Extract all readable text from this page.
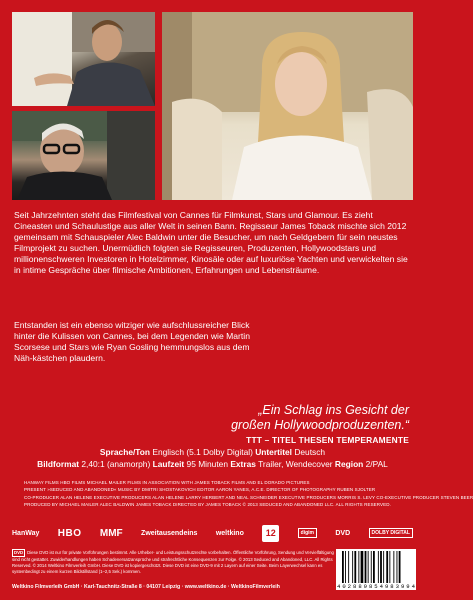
Seit Jahrzehnten steht das Filmfestival von Cannes für Filmkunst, Stars und Glamour. Es zieht Cineasten und Schaulustige aus aller Welt in seinen Bann. Regisseur James Toback mischte sich 2012 gemeinsam mit Schauspieler Alec Baldwin unter die Besucher, um nach Geldgebern für sein neustes Filmprojekt zu suchen. Unermüdlich folgten sie Regisseuren, Produzenten, Hollywoodstars und millionenschweren Investoren in Hotelzimmer, Kinosäle oder auf luxuriöse Yachten und verwickelten sie in intime Gespräche über filmische Ambitionen, Erfahrungen und Lebensträume.
Entstanden ist ein ebenso witziger wie aufschlussreicher Blick hinter die Kulissen von Cannes, bei dem Legenden wie Martin Scorsese und Stars wie Ryan Gosling hemmungslos aus dem Näh-kästchen plaudern.
„Ein Schlag ins Gesicht der
großen Hollywoodproduzenten.“
TTT – TITEL THESEN TEMPERAMENTE
Sprache/Ton Englisch (5.1 Dolby Digital) Untertitel Deutsch
Bildformat 2,40:1 (anamorph) Laufzeit 95 Minuten Extras Trailer, Wendecover Region 2/PAL
HANWAY FILMS HBO FILMS MICHAEL MAILER FILMS IN ASSOCIATION WITH JAMES TOBACK FILMS AND EL DORADO PICTURES
PRESENT »SEDUCED AND ABANDONED« MUSIC BY DMITRI SHOSTAKOVICH EDITOR AARON YANES, A.C.E. DIRECTOR OF PHOTOGRAPHY RUBEN SJOLTER
CO-PRODUCER ALAN HELENE EXECUTIVE PRODUCERS ALAN HELENE LARRY HERBERT AND NEAL SCHNEIDER EXECUTIVE PRODUCERS MORRIS S. LEVY CO-EXECUTIVE PRODUCER STEVEN BEER
PRODUCED BY MICHAEL MAILER ALEC BALDWIN JAMES TOBACK DIRECTED BY JAMES TOBACK © 2013 SEDUCED AND ABANDONED LLC. ALL RIGHTS RESERVED.
HanWay HBO MMF	Zweitausendeins	weltkino	12	digim	DVD	DOLBY DIGITAL
DVD Diese DVD ist nur für private Vorführungen bestimmt. Alle Urheber- und Leistungsschutzrechte vorbehalten. Öffentliche Vorführung, Sendung und Vervielfältigung sind nicht gestattet. Zuwiderhandlungen haben Schadenersatzansprüche und strafrechtliche Konsequenzen zur Folge. © 2013 Seduced and Abandoned, LLC. All Rights Reserved. © 2014 Weltkino Filmverleih GmbH. Diese DVD ist kopiergeschützt. Diese DVD ist eine DVD-9 mit 2 Layern auf einer Seite. Beim Layerwechsel kann es systembedingt zu einem kurzen Bildstillstand (1–2,5 Sek.) kommen.
Weltkino Filmverleih GmbH · Karl-Tauchnitz-Straße 8 · 04107 Leipzig · www.weltkino.de · WeltkinoFilmverleih	4 0 2 8 8 9 8 5 4 9 8 3 9 9 4
